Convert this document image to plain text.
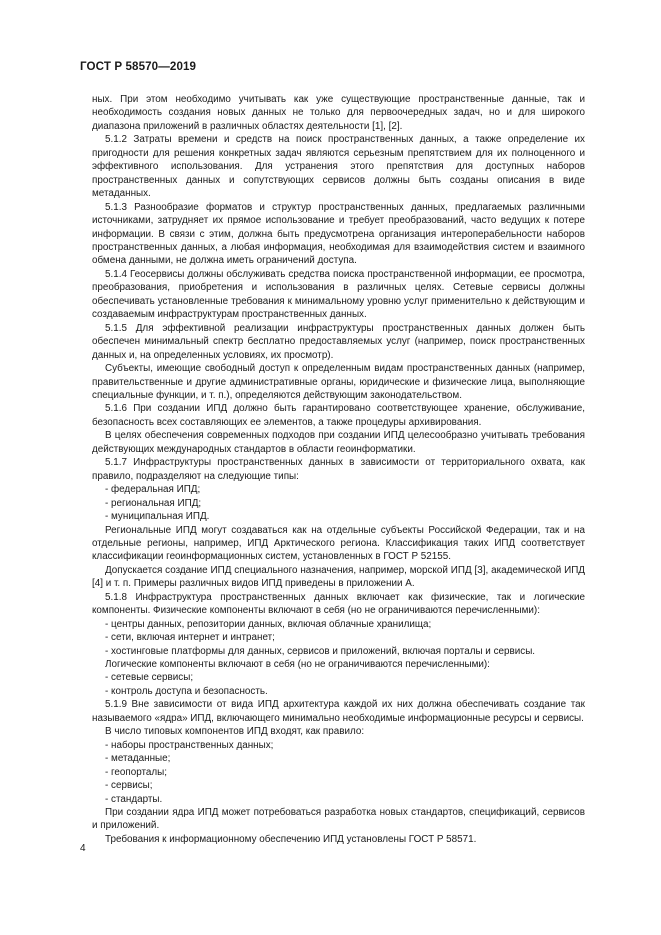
ГОСТ Р 58570—2019

ных. При этом необходимо учитывать как уже существующие пространственные данные, так и необходимость создания новых данных не только для первоочередных задач, но и для широкого диапазона приложений в различных областях деятельности [1], [2].

5.1.2 Затраты времени и средств на поиск пространственных данных, а также определение их пригодности для решения конкретных задач являются серьезным препятствием для их полноценного и эффективного использования. Для устранения этого препятствия для доступных наборов пространственных данных и сопутствующих сервисов должны быть созданы описания в виде метаданных.

5.1.3 Разнообразие форматов и структур пространственных данных, предлагаемых различными источниками, затрудняет их прямое использование и требует преобразований, часто ведущих к потере информации. В связи с этим, должна быть предусмотрена организация интероперабельности наборов пространственных данных, а любая информация, необходимая для взаимодействия систем и взаимного обмена данными, не должна иметь ограничений доступа.

5.1.4 Геосервисы должны обслуживать средства поиска пространственной информации, ее просмотра, преобразования, приобретения и использования в различных целях. Сетевые сервисы должны обеспечивать установленные требования к минимальному уровню услуг применительно к действующим и создаваемым инфраструктурам пространственных данных.

5.1.5 Для эффективной реализации инфраструктуры пространственных данных должен быть обеспечен минимальный спектр бесплатно предоставляемых услуг (например, поиск пространственных данных и, на определенных условиях, их просмотр).

Субъекты, имеющие свободный доступ к определенным видам пространственных данных (например, правительственные и другие административные органы, юридические и физические лица, выполняющие специальные функции, и т. п.), определяются действующим законодательством.

5.1.6 При создании ИПД должно быть гарантировано соответствующее хранение, обслуживание, безопасность всех составляющих ее элементов, а также процедуры архивирования.

В целях обеспечения современных подходов при создании ИПД целесообразно учитывать требования действующих международных стандартов в области геоинформатики.

5.1.7 Инфраструктуры пространственных данных в зависимости от территориального охвата, как правило, подразделяют на следующие типы:

- федеральная ИПД;

- региональная ИПД;

- муниципальная ИПД.

Региональные ИПД могут создаваться как на отдельные субъекты Российской Федерации, так и на отдельные регионы, например, ИПД Арктического региона. Классификация таких ИПД соответствует классификации геоинформационных систем, установленных в ГОСТ Р 52155.

Допускается создание ИПД специального назначения, например, морской ИПД [3], академической ИПД [4] и т. п. Примеры различных видов ИПД приведены в приложении А.

5.1.8 Инфраструктура пространственных данных включает как физические, так и логические компоненты. Физические компоненты включают в себя (но не ограничиваются перечисленными):

- центры данных, репозитории данных, включая облачные хранилища;

- сети, включая интернет и интранет;

- хостинговые платформы для данных, сервисов и приложений, включая порталы и сервисы.

Логические компоненты включают в себя (но не ограничиваются перечисленными):

- сетевые сервисы;

- контроль доступа и безопасность.

5.1.9 Вне зависимости от вида ИПД архитектура каждой их них должна обеспечивать создание так называемого «ядра» ИПД, включающего минимально необходимые информационные ресурсы и сервисы.

В число типовых компонентов ИПД входят, как правило:

- наборы пространственных данных;

- метаданные;

- геопорталы;

- сервисы;

- стандарты.

При создании ядра ИПД может потребоваться разработка новых стандартов, спецификаций, сервисов и приложений.

Требования к информационному обеспечению ИПД установлены ГОСТ Р 58571.

4
